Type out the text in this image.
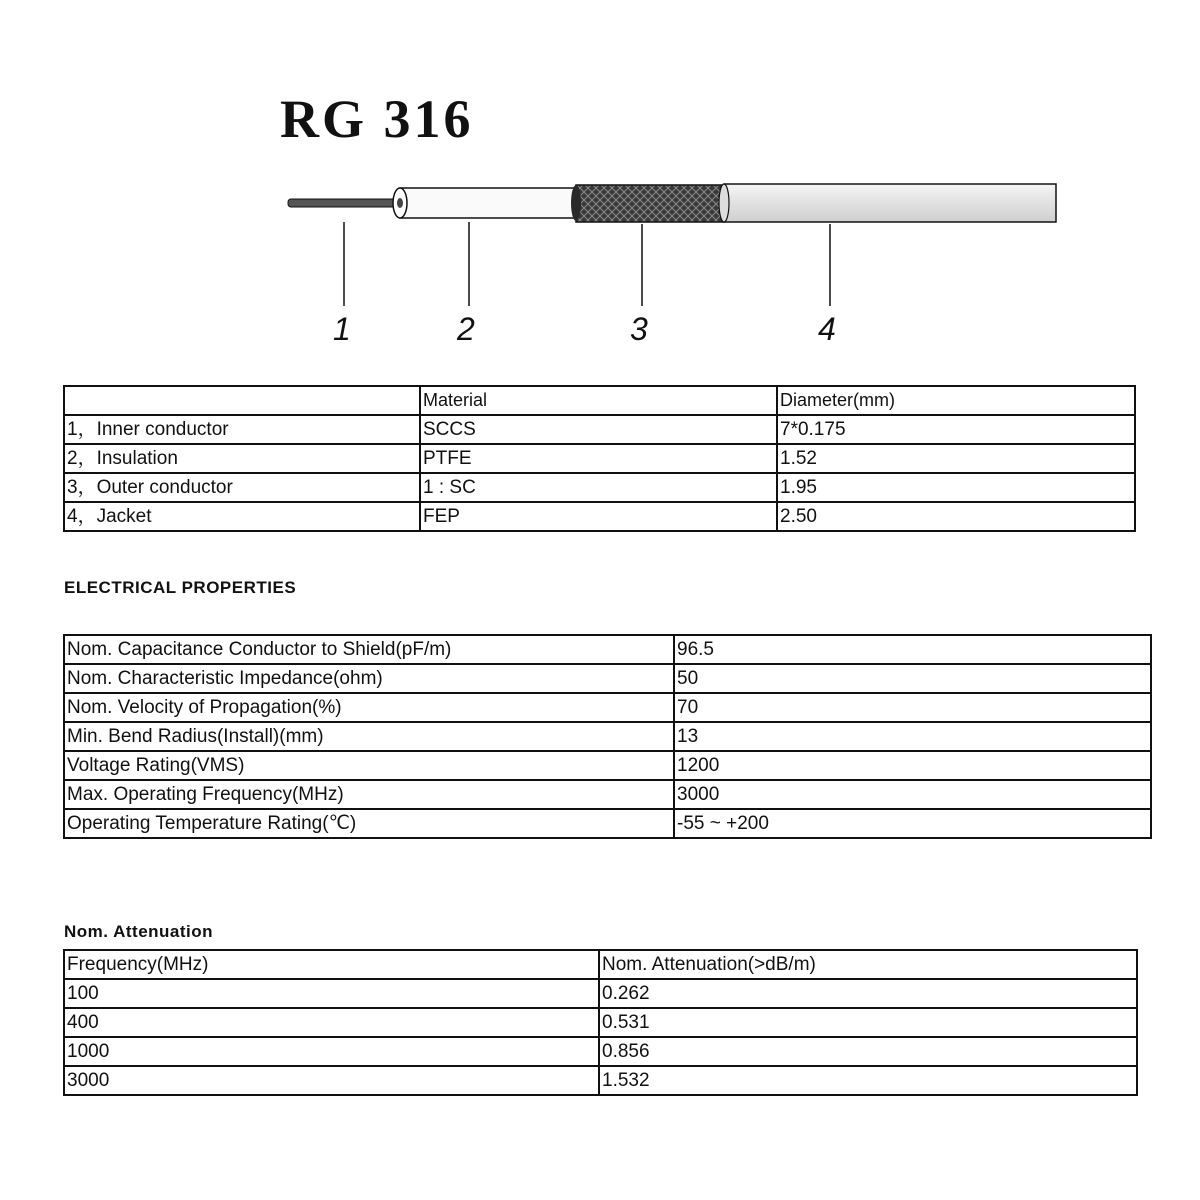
RG 316
1	2	3	4
	Material	Diameter(mm)
1，Inner conductor	SCCS	7*0.175
2，Insulation	PTFE	1.52
3，Outer conductor	1 : SC	1.95
4，Jacket	FEP	2.50
ELECTRICAL PROPERTIES
Nom. Capacitance Conductor to Shield(pF/m)	96.5
Nom. Characteristic Impedance(ohm)	50
Nom. Velocity of Propagation(%)	70
Min. Bend Radius(Install)(mm)	13
Voltage Rating(VMS)	1200
Max. Operating Frequency(MHz)	3000
Operating Temperature Rating(℃)	-55 ~ +200
Nom. Attenuation
Frequency(MHz)	Nom. Attenuation(>dB/m)
100	0.262
400	0.531
1000	0.856
3000	1.532
